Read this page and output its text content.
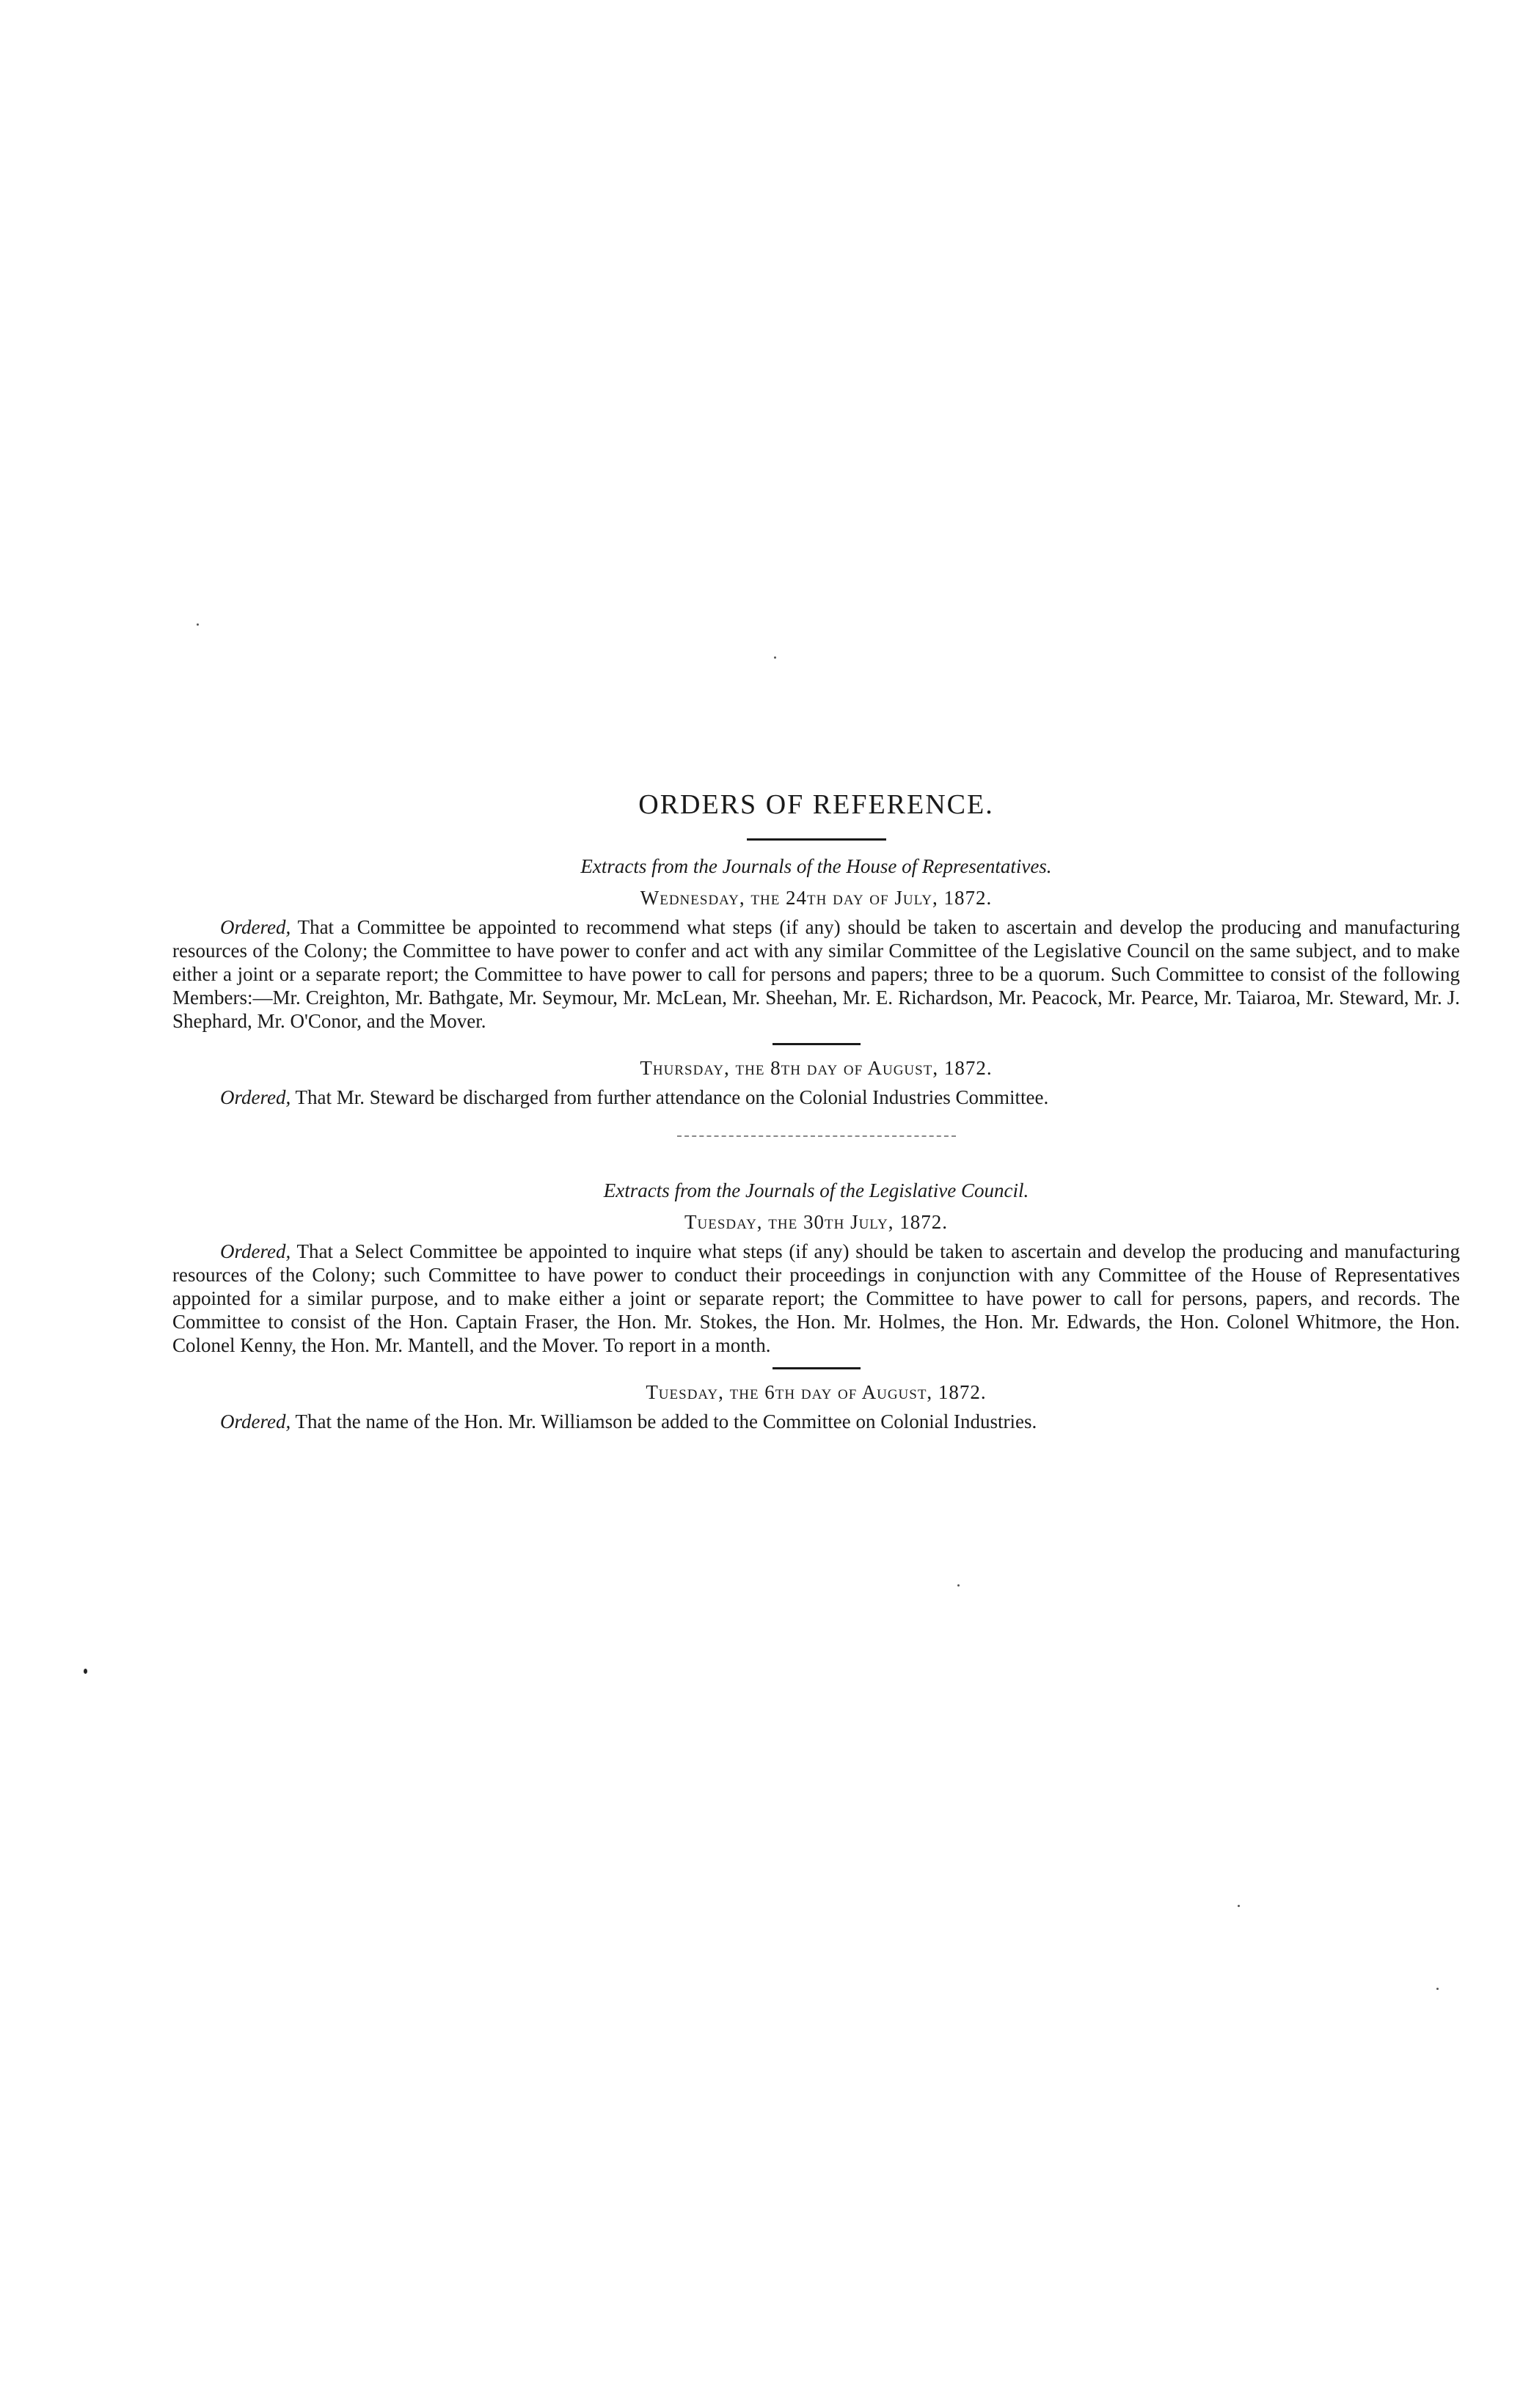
ORDERS OF REFERENCE.
Extracts from the Journals of the House of Representatives.
Wednesday, the 24th day of July, 1872.

Ordered, That a Committee be appointed to recommend what steps (if any) should be taken to ascertain and develop the producing and manufacturing resources of the Colony; the Committee to have power to confer and act with any similar Committee of the Legislative Council on the same subject, and to make either a joint or a separate report; the Committee to have power to call for persons and papers; three to be a quorum. Such Committee to consist of the following Members:—Mr. Creighton, Mr. Bathgate, Mr. Seymour, Mr. McLean, Mr. Sheehan, Mr. E. Richardson, Mr. Peacock, Mr. Pearce, Mr. Taiaroa, Mr. Steward, Mr. J. Shephard, Mr. O'Conor, and the Mover.

Thursday, the 8th day of August, 1872.

Ordered, That Mr. Steward be discharged from further attendance on the Colonial Industries Committee.

Extracts from the Journals of the Legislative Council.
Tuesday, the 30th July, 1872.

Ordered, That a Select Committee be appointed to inquire what steps (if any) should be taken to ascertain and develop the producing and manufacturing resources of the Colony; such Committee to have power to conduct their proceedings in conjunction with any Committee of the House of Representatives appointed for a similar purpose, and to make either a joint or separate report; the Committee to have power to call for persons, papers, and records. The Committee to consist of the Hon. Captain Fraser, the Hon. Mr. Stokes, the Hon. Mr. Holmes, the Hon. Mr. Edwards, the Hon. Colonel Whitmore, the Hon. Colonel Kenny, the Hon. Mr. Mantell, and the Mover. To report in a month.

Tuesday, the 6th day of August, 1872.

Ordered, That the name of the Hon. Mr. Williamson be added to the Committee on Colonial Industries.
